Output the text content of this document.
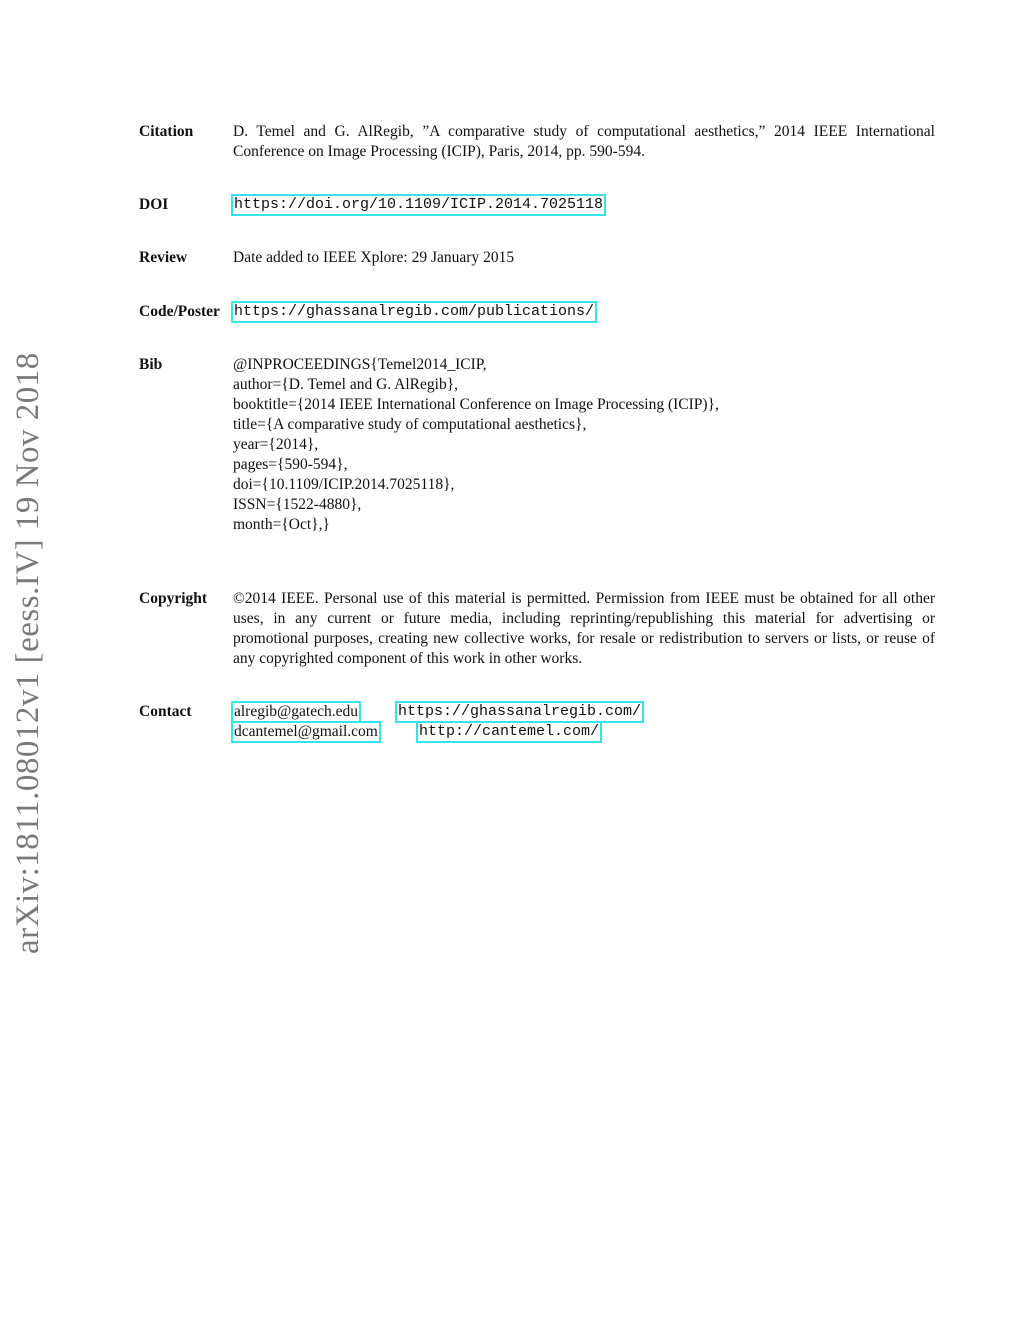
arXiv:1811.08012v1 [eess.IV] 19 Nov 2018
Citation	D. Temel and G. AlRegib, ”A comparative study of computational aesthetics,” 2014 IEEE International Conference on Image Processing (ICIP), Paris, 2014, pp. 590-594.
DOI	https://doi.org/10.1109/ICIP.2014.7025118
Review	Date added to IEEE Xplore: 29 January 2015
Code/Poster https://ghassanalregib.com/publications/
Bib	@INPROCEEDINGS{Temel2014_ICIP,
author={D. Temel and G. AlRegib},
booktitle={2014 IEEE International Conference on Image Processing (ICIP)},
title={A comparative study of computational aesthetics},
year={2014},
pages={590-594},
doi={10.1109/ICIP.2014.7025118},
ISSN={1522-4880},
month={Oct},}
Copyright ©2014 IEEE. Personal use of this material is permitted. Permission from IEEE must be obtained for all other uses, in any current or future media, including reprinting/republishing this material for advertising or promotional purposes, creating new collective works, for resale or redistribution to servers or lists, or reuse of any copyrighted component of this work in other works.
Contact	alregib@gatech.edu	https://ghassanalregib.com/
dcantemel@gmail.com	http://cantemel.com/
